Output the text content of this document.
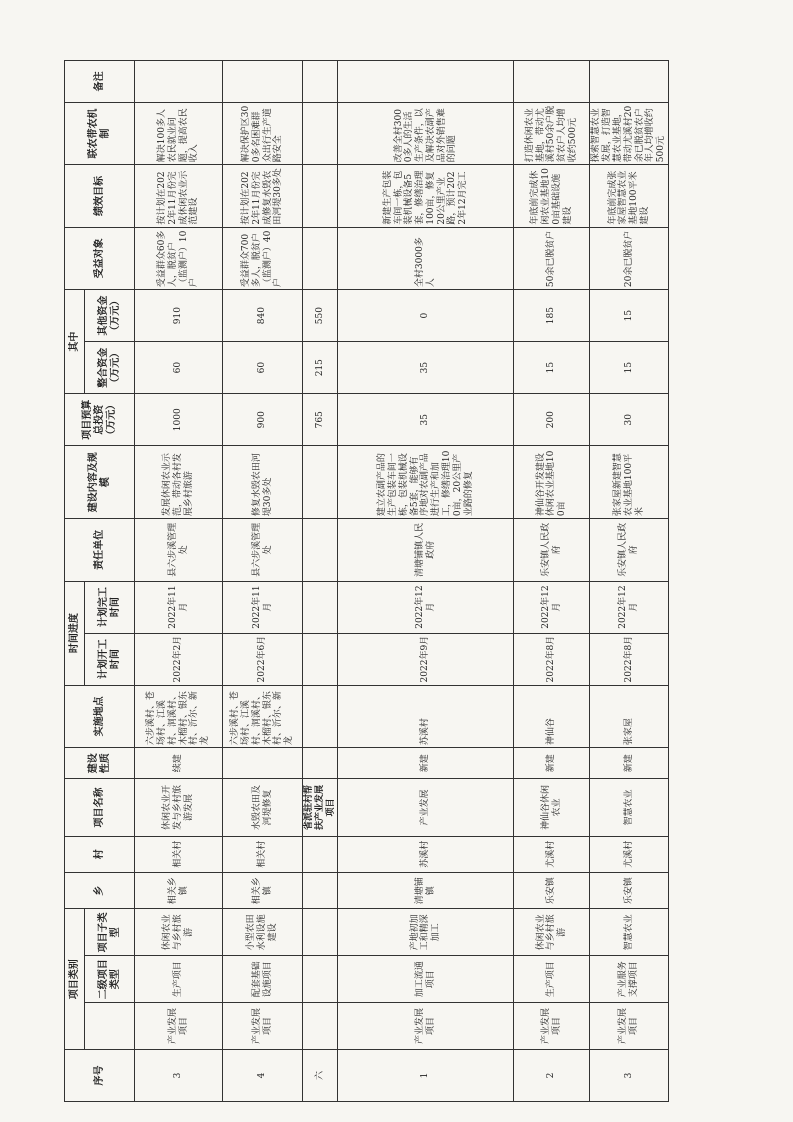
序号	项目类别			乡	村	项目名称	建设性质	实施地点	时间进度		责任单位	建设内容及规模	项目预算总投资（万元）	其中		受益对象	绩效目标	联农带农机制	备注
		二级项目类型	项目子类型						计划开工时间	计划完工时间				整合资金（万元）	其他资金（万元）				
3	产业发展项目	生产项目	休闲农业与乡村旅游	相关乡镇	相关村	休闲农业开发与乡村旅游发展	续建	六步溪村、苍场村、江溪村、洞溪村、木榴村、银东村、沂尔、新龙	2022年2月	2022年11月	县六步溪管理处	发展休闲农业示范，带动各村发展乡村旅游	1000	60	910	受益群众60多人，脱贫户（监测户）10户	按计划在2022年11月份完成休闲农业示范建设	解决100多人农民就业问题，提高农民收入	
4	产业发展项目	配套基础设施项目	小型农田水利设施建设	相关乡镇	相关村	水毁农田及河堤修复		六步溪村、苍场村、江溪村、洞溪村、木榴村、银东村、沂尔、新龙	2022年6月	2022年11月	县六步溪管理处	修复水毁农田河堤30多处	900	60	840	受益群众700多人，脱贫户（监测户）40户	按计划在2022年11月份完成修复水毁农田河堤30多处	解决保护区300多名困难群众出行生产道路安全	
六						省派驻村帮扶产业发展项目							765	215	550				
1	产业发展项目	加工流通项目	产地初加工和精深加工	清塘铺镇	苏溪村	产业发展	新建	苏溪村	2022年9月	2022年12月	清塘铺镇人民政府	建立农副产品的生产包装车间一栋，包装机械设备5套，能够有序地对农副产品进行生产和加工，修缮治理100亩，20公里产业路的修复	35	35	0	全村3000多人	新建生产包装车间一栋，包装机械设备5套，修缮治理100亩，修复20公里产业路，预计2022年12月完工	改善全村3000多人的生活生产条件，以及解决农副产品对外销售难的问题	
2	产业发展项目	生产项目	休闲农业与乡村旅游	乐安镇	尤溪村	神仙谷休闲农业	新建	神仙谷	2022年8月	2022年12月	乐安镇人民政府	神仙谷开发建设休闲农业基地100亩	200	15	185	50余已脱贫户	年底前完成休闲农业基地100亩基础设施建设	打造休闲农业基地，带动尤溪村50余户脱贫农户人均增收约500元	
3	产业发展项目	产业服务支撑项目	智慧农业	乐安镇	尤溪村	智慧农业	新建	张家屋	2022年8月	2022年12月	乐安镇人民政府	张家屋新建智慧农业基地100平米	30	15	15	20余已脱贫户	年底前完成张家屋智慧农业基地100平米建设	探索智慧农业发展，打造智慧农业基地，带动尤溪村20余已脱贫农户年人均增收约500元	
